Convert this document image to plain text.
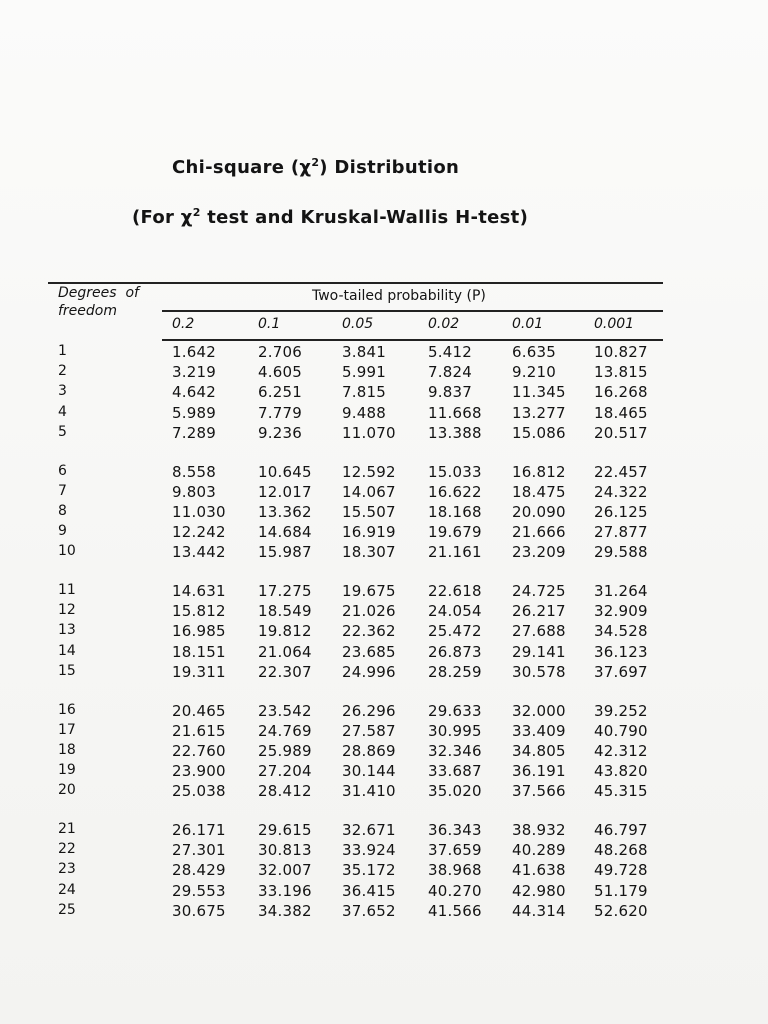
Chi-square $(\chi^2)$ Distribution
(For $\chi^2$ test and Kruskal-Wallis H-test)
Degrees  of
freedom
Two-tailed probability (P)
0.2	0.1	0.05	0.02	0.01	0.001
1	1.642	2.706	3.841	5.412	6.635	10.827
2	3.219	4.605	5.991	7.824	9.210	13.815
3	4.642	6.251	7.815	9.837	11.345 16.268
4	5.989	7.779	9.488	11.668 13.277 18.465
5	7.289	9.236	11.070 13.388 15.086 20.517
6	8.558	10.645 12.592 15.033 16.812 22.457
7	9.803	12.017 14.067 16.622 18.475 24.322
8	11.030 13.362 15.507 18.168 20.090 26.125
9	12.242 14.684 16.919 19.679 21.666 27.877
10	13.442 15.987 18.307 21.161 23.209 29.588
11	14.631 17.275 19.675 22.618 24.725 31.264
12	15.812 18.549 21.026 24.054 26.217 32.909
13	16.985 19.812 22.362 25.472 27.688 34.528
14	18.151 21.064 23.685 26.873 29.141 36.123
15	19.311 22.307 24.996 28.259 30.578 37.697
16	20.465 23.542 26.296 29.633 32.000 39.252
17	21.615 24.769 27.587 30.995 33.409 40.790
18	22.760 25.989 28.869 32.346 34.805 42.312
19	23.900 27.204 30.144 33.687 36.191 43.820
20	25.038 28.412 31.410 35.020 37.566 45.315
21	26.171 29.615 32.671 36.343 38.932 46.797
22	27.301 30.813 33.924 37.659 40.289 48.268
23	28.429 32.007 35.172 38.968 41.638 49.728
24	29.553 33.196 36.415 40.270 42.980 51.179
25	30.675 34.382 37.652 41.566 44.314 52.620
